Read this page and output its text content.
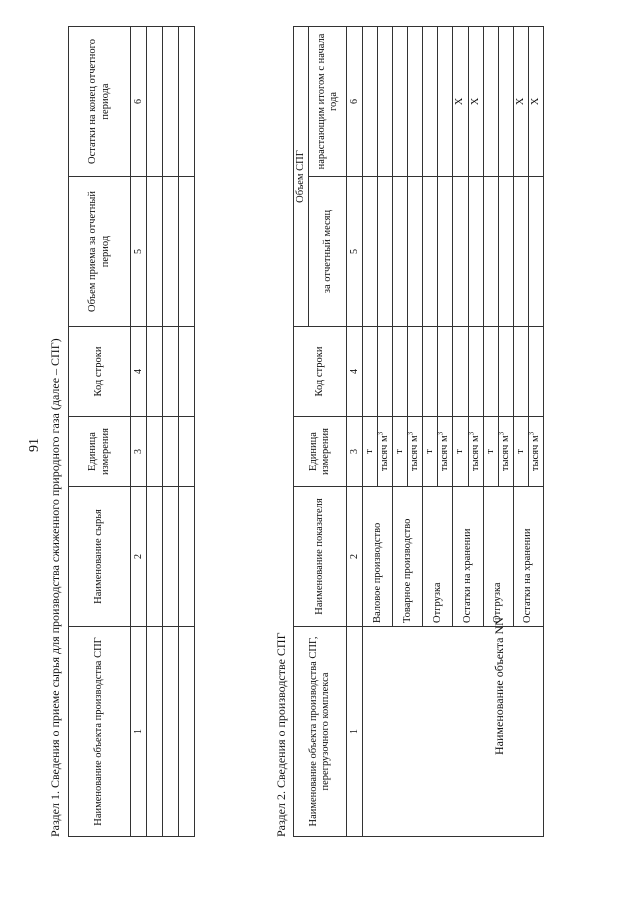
91 Раздел 1. Сведения о приеме сырья для производства сжиженного природного газа (далее – СПГ)	Наименование объекта производства СПГ	Наименование сырья	Единица измерения	Код строки	Объем приема за отчетный период	Остатки на конец отчетного периода
1	2	3	4	5	6

Раздел 2. Сведения о производстве СПГ Наименование объекта производства СПГ, перегрузочного комплекса	Наименование показателя	Единица измерения	Код строки	Объем СПГ	
				за отчетный месяц	нарастающим итогом с начала года
1	2	3	4	5	6
	Валовое производство	т			
		тысяч $м^3$			
	Товарное производство	т			
		тысяч $м^3$			
	Отгрузка	т			
		тысяч $м^3$			
	Остатки на хранении	т			X
		тысяч $м^3$			X
	Отгрузка	т			
		тысяч $м^3$			
	Остатки на хранении	т			X
		тысяч $м^3$			X
Наименование объекта NN
